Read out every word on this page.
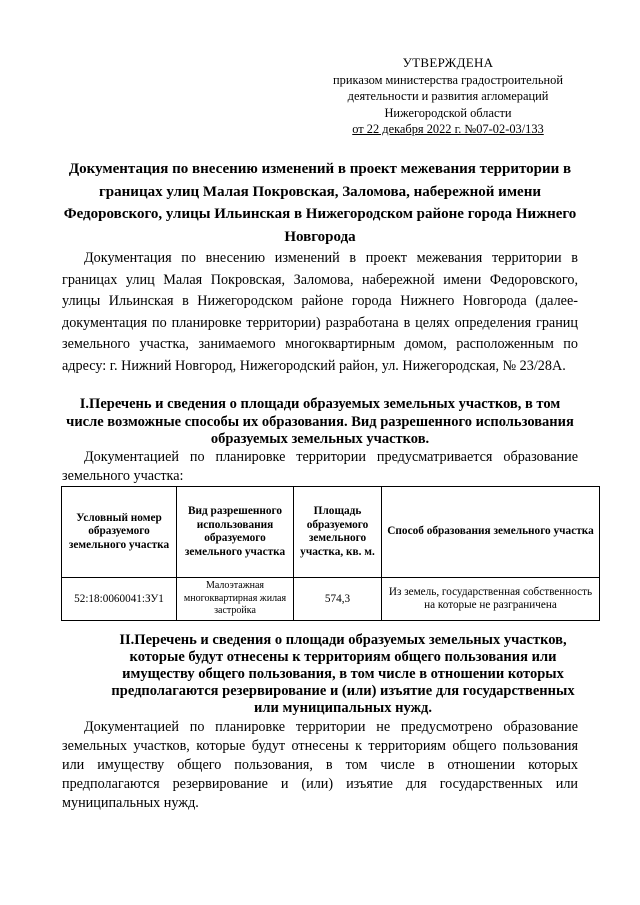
УТВЕРЖДЕНА
приказом министерства градостроительной
деятельности и развития агломераций
Нижегородской области
от 22 декабря 2022 г. №07-02-03/133
Документация по внесению изменений в проект межевания территории в границах улиц Малая Покровская, Заломова, набережной имени Федоровского, улицы Ильинская в Нижегородском районе города Нижнего Новгорода

Документация по внесению изменений в проект межевания территории в границах улиц Малая Покровская, Заломова, набережной имени Федоровского, улицы Ильинская в Нижегородском районе города Нижнего Новгорода (далее- документация по планировке территории) разработана в целях определения границ земельного участка, занимаемого многоквартирным домом, расположенным по адресу: г. Нижний Новгород, Нижегородский район, ул. Нижегородская, № 23/28А.

I.Перечень и сведения о площади образуемых земельных участков, в том числе возможные способы их образования. Вид разрешенного использования образуемых земельных участков.

Документацией по планировке территории предусматривается образование земельного участка:

Условный номер образуемого земельного участка	Вид разрешенного использования образуемого земельного участка	Площадь образуемого земельного участка, кв. м.	Способ образования земельного участка
52:18:0060041:ЗУ1	Малоэтажная многоквартирная жилая застройка	574,3	Из земель, государственная собственность на которые не разграничена
II.Перечень и сведения о площади образуемых земельных участков, которые будут отнесены к территориям общего пользования или имуществу общего пользования, в том числе в отношении которых предполагаются резервирование и (или) изъятие для государственных или муниципальных нужд.

Документацией по планировке территории не предусмотрено образование земельных участков, которые будут отнесены к территориям общего пользования или имуществу общего пользования, в том числе в отношении которых предполагаются резервирование и (или) изъятие для государственных или муниципальных нужд.
